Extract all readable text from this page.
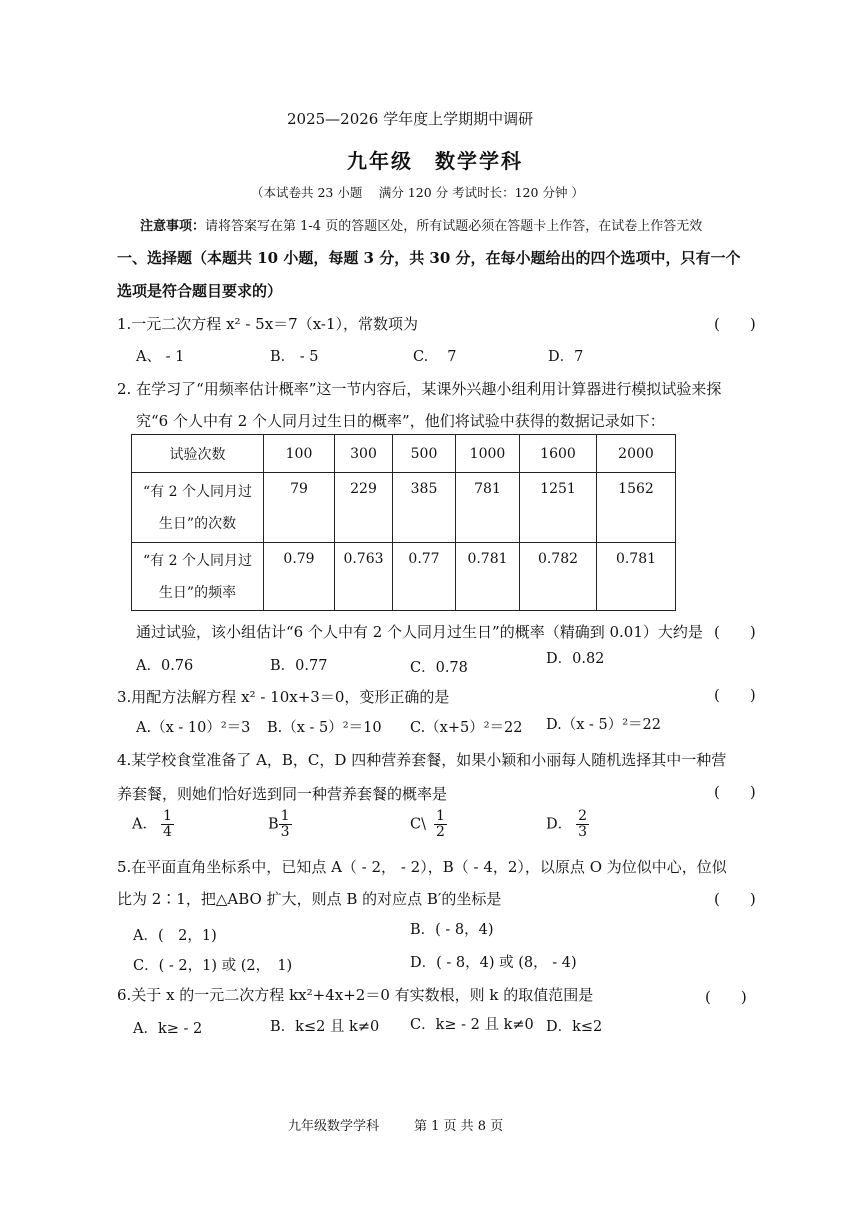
2025—2026 学年度上学期期中调研
九年级　数学学科
（本试卷共 23 小题　 满分 120 分 考试时长：120 分钟 ）
注意事项：请将答案写在第 1-4 页的答题区处，所有试题必须在答题卡上作答，在试卷上作答无效
一、选择题（本题共 10 小题，每题 3 分，共 30 分，在每小题给出的四个选项中，只有一个
选项是符合题目要求的）
1.一元二次方程 x² - 5x＝7（x-1），常数项为	(　　)
A、 - 1	B． - 5	C.　 7	D．7
2. 在学习了“用频率估计概率”这一节内容后，某课外兴趣小组利用计算器进行模拟试验来探
究“6 个人中有 2 个人同月过生日的概率”，他们将试验中获得的数据记录如下：
试验次数	100	300	500	1000	1600	2000

“有 2 个人同月过
生日”的次数	79	229	385	781	1251	1562

“有 2 个人同月过
生日”的频率	0.79	0.763	0.77	0.781	0.782	0.781
通过试验，该小组估计“6 个人中有 2 个人同月过生日”的概率（精确到 0.01）大约是 (　　)
A．0.76	B．0.77	C．0.78
D．0.82
3.用配方法解方程 x² - 10x+3＝0，变形正确的是	(　　)
A.（x - 10）²＝3 B.（x - 5）²＝10 C.（x+5）²＝22 D.（x - 5）²＝22
4.某学校食堂准备了 A，B，C，D 四种营养套餐，如果小颖和小丽每人随机选择其中一种营
养套餐，则她们恰好选到同一种营养套餐的概率是	(　　)
A． $\frac{1}{4}$	B $\frac{1}{3}$	C\ $\frac{1}{2}$	D． $\frac{2}{3}$
5.在平面直角坐标系中，已知点 A（ - 2， - 2），B（ - 4，2），以原点 O 为位似中心，位似
比为 2∶1，把△ABO 扩大，则点 B 的对应点 B′的坐标是	(　　)
A．(　2，1)	B．( - 8，4)
C．( - 2，1) 或 (2，　1)	D．( - 8，4) 或 (8， - 4)
6.关于 x 的一元二次方程 kx²+4x+2＝0 有实数根，则 k 的取值范围是	(　　)
A．k≥ - 2	B．k≤2 且 k≠0 C．k≥ - 2 且 k≠0 D．k≤2
九年级数学学科	第 1 页 共 8 页
